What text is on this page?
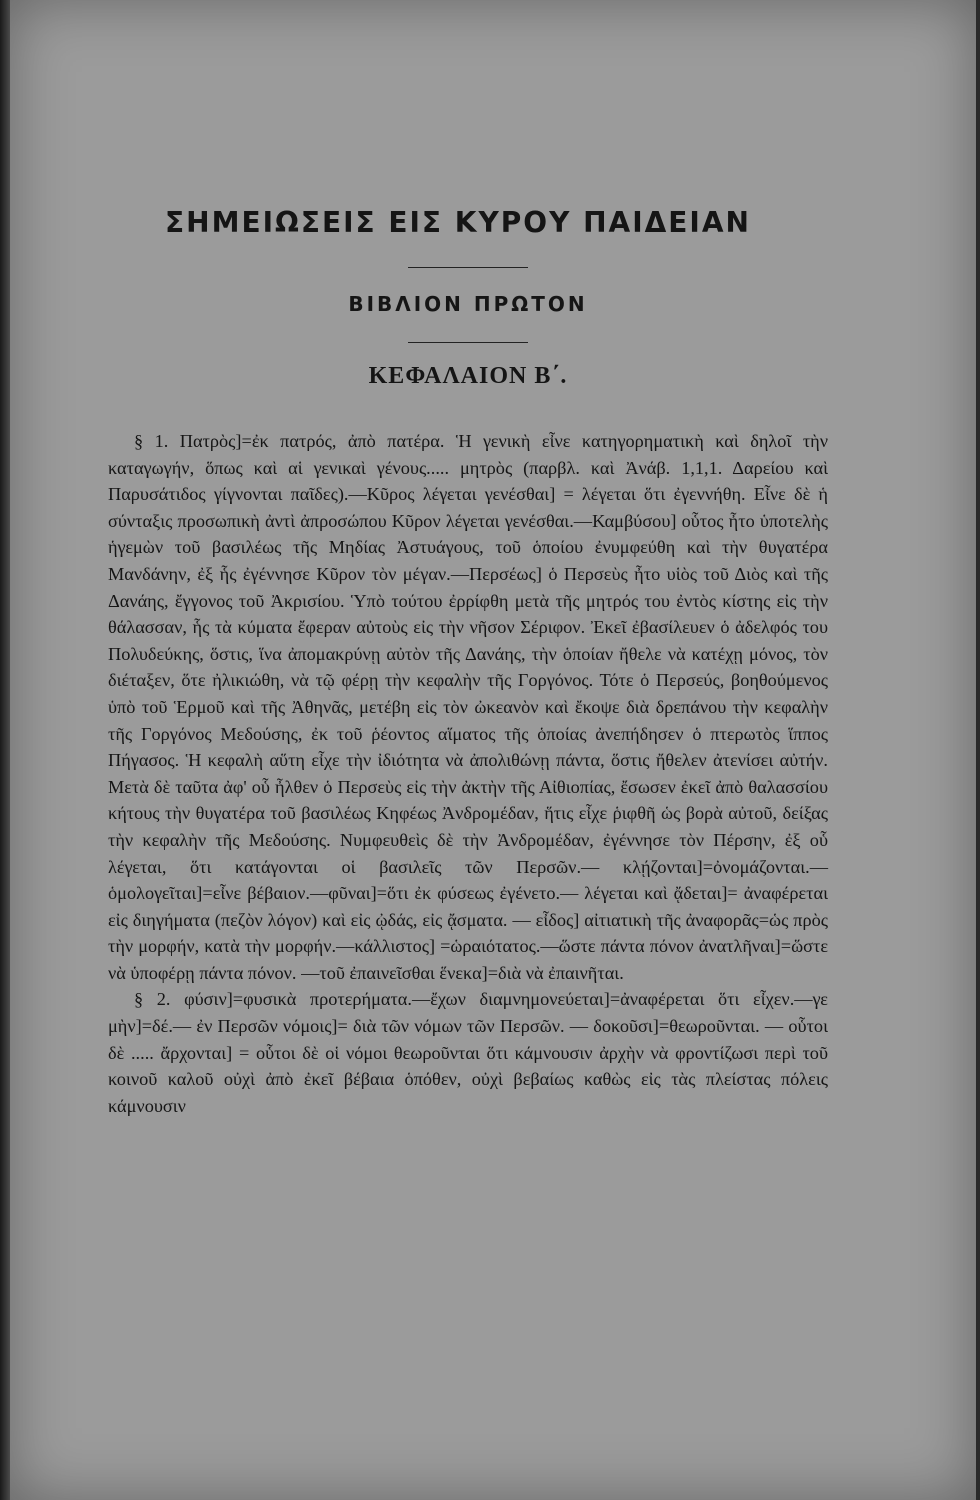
ΣΗΜΕΙΩΣΕΙΣ ΕΙΣ ΚΥΡΟΥ ΠΑΙΔΕΙΑΝ
ΒΙΒΛΙΟΝ ΠΡΩΤΟΝ
ΚΕΦΑΛΑΙΟΝ Β΄.

§ 1. Πατρὸς]=ἐκ πατρός, ἀπὸ πατέρα. Ἡ γενικὴ εἶνε κατηγορηματικὴ καὶ δηλοῖ τὴν καταγωγήν, ὅπως καὶ αἱ γενικαὶ γένους..... μητρὸς (παρβλ. καὶ Ἀνάβ. 1,1,1. Δαρείου καὶ Παρυσάτιδος γίγνονται παῖδες).—Κῦρος λέγεται γενέσθαι] = λέγεται ὅτι ἐγεννήθη. Εἶνε δὲ ἡ σύνταξις προσωπικὴ ἀντὶ ἀπροσώπου Κῦρον λέγεται γενέσθαι.—Καμβύσου] οὗτος ἦτο ὑποτελὴς ἡγεμὼν τοῦ βασιλέως τῆς Μηδίας Ἀστυάγους, τοῦ ὁποίου ἐνυμφεύθη καὶ τὴν θυγατέρα Μανδάνην, ἐξ ἧς ἐγέννησε Κῦρον τὸν μέγαν.—Περσέως] ὁ Περσεὺς ἦτο υἱὸς τοῦ Διὸς καὶ τῆς Δανάης, ἔγγονος τοῦ Ἀκρισίου. Ὑπὸ τούτου ἐρρίφθη μετὰ τῆς μητρός του ἐντὸς κίστης εἰς τὴν θάλασσαν, ἧς τὰ κύματα ἔφεραν αὐτοὺς εἰς τὴν νῆσον Σέριφον. Ἐκεῖ ἐβασίλευεν ὁ ἀδελφός του Πολυδεύκης, ὅστις, ἵνα ἀπομακρύνῃ αὐτὸν τῆς Δανάης, τὴν ὁποίαν ἤθελε νὰ κατέχῃ μόνος, τὸν διέταξεν, ὅτε ἠλικιώθη, νὰ τῷ φέρῃ τὴν κεφαλὴν τῆς Γοργόνος. Τότε ὁ Περσεύς, βοηθούμενος ὑπὸ τοῦ Ἑρμοῦ καὶ τῆς Ἀθηνᾶς, μετέβη εἰς τὸν ὠκεανὸν καὶ ἔκοψε διὰ δρεπάνου τὴν κεφαλὴν τῆς Γοργόνος Μεδούσης, ἐκ τοῦ ῥέοντος αἵματος τῆς ὁποίας ἀνεπήδησεν ὁ πτερωτὸς ἵππος Πήγασος. Ἡ κεφαλὴ αὕτη εἶχε τὴν ἰδιότητα νὰ ἀπολιθώνῃ πάντα, ὅστις ἤθελεν ἀτενίσει αὐτήν. Μετὰ δὲ ταῦτα ἀφ' οὗ ἦλθεν ὁ Περσεὺς εἰς τὴν ἀκτὴν τῆς Αἰθιοπίας, ἔσωσεν ἐκεῖ ἀπὸ θαλασσίου κήτους τὴν θυγατέρα τοῦ βασιλέως Κηφέως Ἀνδρομέδαν, ἥτις εἶχε ῥιφθῆ ὡς βορὰ αὐτοῦ, δείξας τὴν κεφαλὴν τῆς Μεδούσης. Νυμφευθεὶς δὲ τὴν Ἀνδρομέδαν, ἐγέννησε τὸν Πέρσην, ἐξ οὗ λέγεται, ὅτι κατάγονται οἱ βασιλεῖς τῶν Περσῶν.— κλῄζονται]=ὀνομάζονται.— ὁμολογεῖται]=εἶνε βέβαιον.—φῦναι]=ὅτι ἐκ φύσεως ἐγένετο.— λέγεται καὶ ᾄδεται]= ἀναφέρεται εἰς διηγήματα (πεζὸν λόγον) καὶ εἰς ᾠδάς, εἰς ᾄσματα. — εἶδος] αἰτιατικὴ τῆς ἀναφορᾶς=ὡς πρὸς τὴν μορφήν, κατὰ τὴν μορφήν.—κάλλιστος] =ὡραιότατος.—ὥστε πάντα πόνον ἀνατλῆναι]=ὥστε νὰ ὑποφέρῃ πάντα πόνον. —τοῦ ἐπαινεῖσθαι ἕνεκα]=διὰ νὰ ἐπαινῆται.

§ 2. φύσιν]=φυσικὰ προτερήματα.—ἔχων διαμνημονεύεται]=ἀναφέρεται ὅτι εἶχεν.—γε μὴν]=δέ.— ἐν Περσῶν νόμοις]= διὰ τῶν νόμων τῶν Περσῶν. — δοκοῦσι]=θεωροῦνται. — οὗτοι δὲ ..... ἄρχονται] = οὗτοι δὲ οἱ νόμοι θεωροῦνται ὅτι κάμνουσιν ἀρχὴν νὰ φροντίζωσι περὶ τοῦ κοινοῦ καλοῦ οὐχὶ ἀπὸ ἐκεῖ βέβαια ὁπόθεν, οὐχὶ βεβαίως καθὼς εἰς τὰς πλείστας πόλεις κάμνουσιν
